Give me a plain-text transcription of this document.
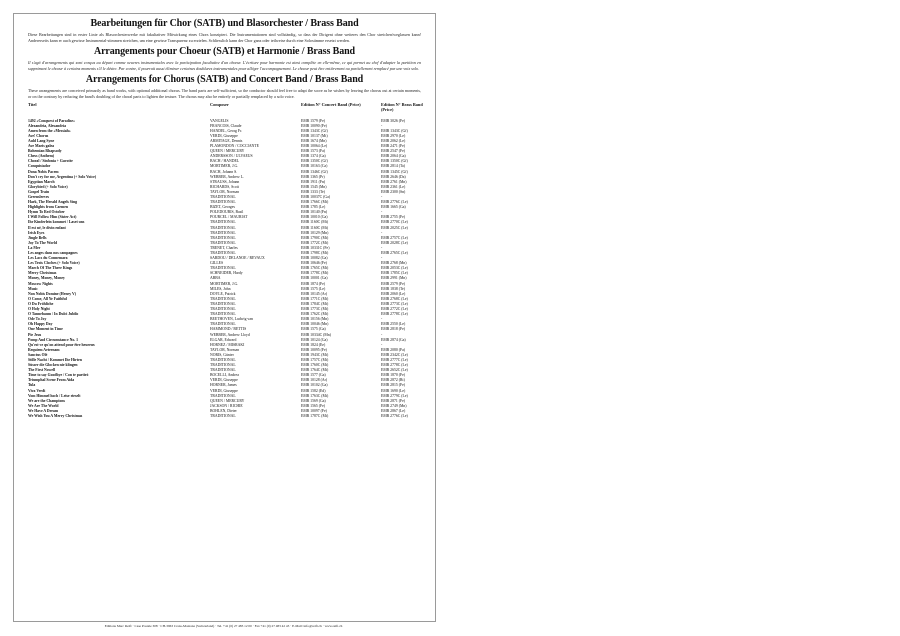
Bearbeitungen für Chor (SATB) und Blasorchester / Brass Band

Diese Bearbeitungen sind in erster Linie als Blasorchesterwerke mit fakultativer Mitwirkung eines Chors konzipiert. Die Instrumentationen sind vollständig, so dass der Dirigent ohne weiteres den Chor streichen/weglassen kann! Andererseits kann er auch gewisse Instrumental-stimmen streichen, um eine gewisse Transparenz zu erzielen. Schliesslich kann der Chor ganz oder teilweise durch eine Solostimme ersetzt werden.

Arrangements pour Choeur (SATB) et Harmonie / Brass Band

Il s'agit d'arrangements qui sont conçus au départ comme oeuvres instrumentales avec la participation facultative d'un choeur. L'écriture pour harmonie est ainsi complète en elle-même, ce qui permet au chef d'adapter la partition en supprimant le choeur à certains moments s'il le désire. Par contre, il pourrait aussi éliminer certaines doublures instrumentales pour alléger l'accompagnement. Le choeur peut être entièrement ou partiellement remplacé par une voix solo.

Arrangements for Chorus (SATB) and Concert Band / Brass Band

These arrangements are conceived primarily as band works, with optional additional chorus. The band parts are self-sufficient, so the conductor should feel free to adapt the score as he wishes by leaving the chorus out at certain moments, or on the contrary by reducing the band's doubling of the choral parts to lighten the texture. The chorus may also be entirely or partially remplaced by a solo voice.

Titel	Composer	Edition N° Concert Band (Price)	Edition N° Brass Band (Price)
1492 «Conquest of Paradise»	VANGELIS	EMR 1579 (Fe)	EMR 3026 (Fe)
Alexandria, Alexandria	FRANCOIS, Claude	EMR 10090 (Fe)	-
Amen from the «Messiah»	HÄNDEL, Georg Fr.	EMR 1343C (Gf)	EMR 1343C (Gf)
Ave! Chorus	VERDI, Giuseppe	EMR 10137 (Mt)	EMR 2970 (Le)
Auld Lang Syne	ARMITAGE, Dennis	EMR 1674 (Mn)	EMR 2062 (Le)
Ave Maris galea	PLAMONDON / COCCIANTE	EMR 10064 (Le)	EMR 2471 (Fe)
Bohemian Rhapsody	QUEEN / MERCURY	EMR 1573 (Fa)	EMR 2547 (Fe)
Chess (Anthem)	ANDERSSON / ULVAEUS	EMR 1374 (Ga)	EMR 2064 (Ga)
Choral / Sinfonia + Gavotte	BACH / HÄNDEL	EMR 1350C (Gf)	EMR 1350C (Gf)
Conquistador	MORTIMER, J.G.	EMR 10163 (Ca)	EMR 2814 (Ta)
Dona Nobis Pacem	BACH, Johann S.	EMR 1346C (Gf)	EMR 1345C (Gf)
Don't cry for me, Argentina (+ Solo Voice)	WEBBER, Andrew L.	EMR 1365 (Pr)	EMR 2646 (Da)
Egyptian March	STRAUSS, Johann	EMR 1911 (Fn)	EMR 2761 (Mn)
Glorybird (+ Solo Voice)	RICHARDS, Scott	EMR 1545 (Mn)	EMR 2361 (Le)
Gospel Train	TAYLOR, Norman	EMR 1333 (Te)	EMR 2300 (Sn)
Greensleeves	TRADITIONAL	EMR 10037C (Ga)	-
Hark, The Herald Angels Sing	TRADITIONAL	EMR 1766C (Mt)	EMR 2776C (Le)
Highlights from Carmen	BIZET, Georges	EMR 1785 (Le)	EMR 1665 (Ga)
Hymn To Red October	POLEDOURIS, Basil	EMR 10140 (Fn)	-
I Will Follow Him (Sister Act)	POURCEL / MAURIAT	EMR 10010 (Ga)	EMR 2755 (Fe)
Ihr Kinderlein kommet / Laset uns	TRADITIONAL	EMR 1160C (Mt)	EMR 2770C (Le)
Il est né, le divin enfant	TRADITIONAL	EMR 1160C (Mt)	EMR 2025C (Le)
Irish Eyes	TRADITIONAL	EMR 10129 (Mn)	-
Jingle Bells	TRADITIONAL	EMR 1790C (Mt)	EMR 2757C (Le)
Joy To The World	TRADITIONAL	EMR 1772C (Mt)	EMR 2028C (Le)
La Mer	TRENET, Charles	EMR 10331C (Fe)	-
Les anges dans nos campagnes	TRADITIONAL	EMR 1798C (Mt)	EMR 2765C (Le)
Les Lacs du Connemara	SARDOU / DELANOË / REVAUX	EMR 10082 (Ga)	-
Les Trois Cloches (+ Solo Voice)	GILLES	EMR 10646 (Fe)	EMR 2768 (Mn)
March Of The Three Kings	TRADITIONAL	EMR 1765C (Mt)	EMR 2053C (Le)
Merry Christmas	SCHNEIDER, Hardy	EMR 1778C (Mt)	EMR 1785C (Le)
Money, Money, Money	ABBA	EMR 10001 (Ga)	EMR 2991 (Mn)
Moscow Nights	MORTIMER, J.G.	EMR 1874 (Fe)	EMR 2579 (Fe)
Music	MILES, John	EMR 1575 (Le)	EMR 1838 (Te)
Non Nobis Domine (Henry V)	DOYLE, Patrick	EMR 10145 (Ar)	EMR 2060 (Le)
O Come, All Ye Faithful	TRADITIONAL	EMR 1771C (Mt)	EMR 2768C (Le)
O Du Fröhliche	TRADITIONAL	EMR 1784C (Mt)	EMR 2773C (Le)
O Holy Night	TRADITIONAL	EMR 1773C (Mt)	EMR 2772C (Le)
O Tannebaum / In Dulci Jubilo	TRADITIONAL	EMR 1762C (Mt)	EMR 2778C (Le)
Ode To Joy	BEETHOVEN, Ludwig van	EMR 10156 (Mn)	-
Oh Happy Day	TRADITIONAL	EMR 10046 (Mn)	EMR 2550 (Le)
One Moment in Time	HAMMOND / BETTIS	EMR 1575 (Ga)	EMR 2818 (Fe)
Pie Jesu	WEBBER, Andrew Lloyd	EMR 10334C (Mn)	-
Pomp And Circumstance No. 1	ELGAR, Edward	EMR 10124 (Ga)	EMR 2874 (Ga)
Qu'est-ce qu'on attend pour être heureux	HORNEZ / MISRAKI	EMR 1824 (Ee)	-
Requiem Aeternam	TAYLOR, Norman	EMR 10095 (Fe)	EMR 2080 (Fa)
Sanctus Olé	NORIS, Günter	EMR 1943C (Mt)	EMR 2342C (Le)
Stille Nacht / Kommet Ihr Hirten	TRADITIONAL	EMR 1757C (Mt)	EMR 2777C (Le)
Süsser die Glocken nie klingen	TRADITIONAL	EMR 1760C (Mt)	EMR 2778C (Le)
The First Nowell	TRADITIONAL	EMR 1764C (Mt)	EMR 2652C (Le)
Time to say Goodbye / Con te partirò	BOCELLI, Andrea	EMR 1577 (Ga)	EMR 1870 (Fe)
Triumphal Scene From Aida	VERDI, Giuseppe	EMR 10128 (Ar)	EMR 2872 (Rt)
Tula	HORNER, James	EMR 10102 (Ga)	EMR 2815 (Fe)
Viva Verdi	VERDI, Giuseppe	EMR 1582 (Ed)	EMR 1690 (Le)
Vom Himmel hoch / Leise rieselt	TRADITIONAL	EMR 1763C (Mt)	EMR 2779C (Le)
We are the Champions	QUEEN / MERCURY	EMR 1569 (Ga)	EMR 2871 (Fe)
We Are The World	JACKSON / RICHIE	EMR 1565 (Fe)	EMR 2749 (Mn)
We Have A Dream	BOHLEN, Dieter	EMR 10097 (Fe)	EMR 2867 (Le)
We Wish You A Merry Christmas	TRADITIONAL	EMR 1787C (Mt)	EMR 2776C (Le)
Editions Marc Reift · Case Postale 308 · CH-3963 Crans-Montana (Switzerland) · Tel. +41 (0) 27 483 12 00 · Fax +41 (0) 27 483 42 43 · E-Mail: info@reift.ch · www.reift.ch
